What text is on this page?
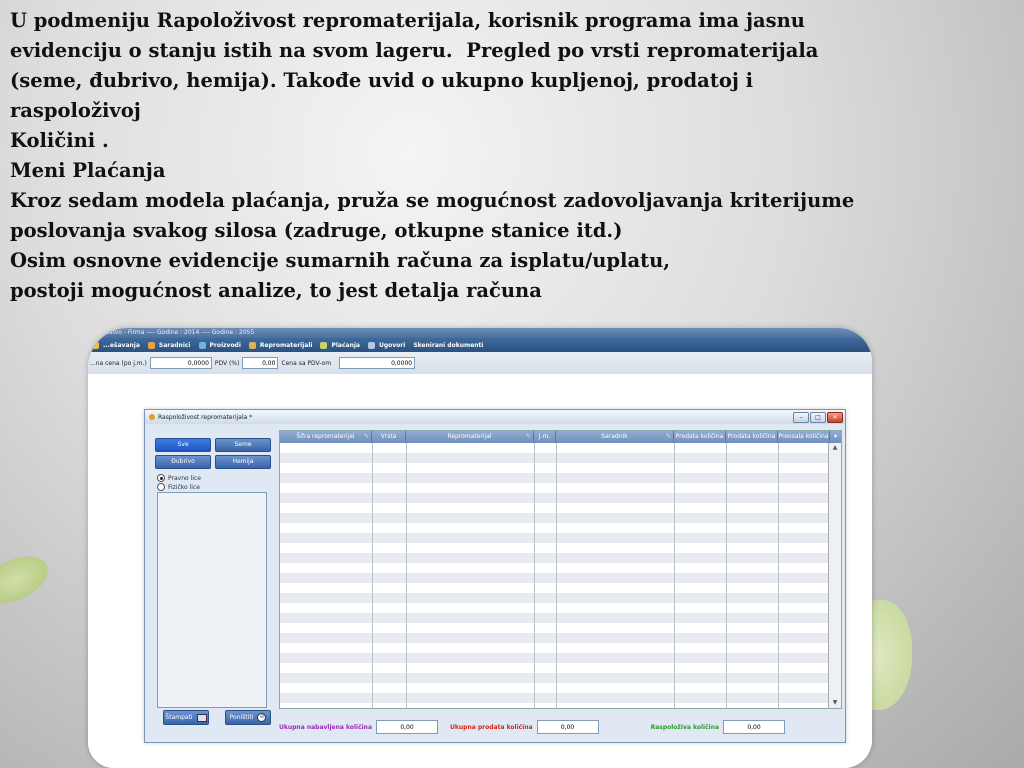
U podmeniju Rapoloživost repromaterijala, korisnik programa ima jasnu

evidenciju o stanju istih na svom lageru.  Pregled po vrsti repromaterijala

(seme, đubrivo, hemija). Takođe uvid o ukupno kupljenoj, prodatoj i

raspoloživoj

Količini .

Meni Plaćanja

Kroz sedam modela plaćanja, pruža se mogućnost zadovoljavanja kriterijume

poslovanja svakog silosa (zadruge, otkupne stanice itd.)

Osim osnovne evidencije sumarnih računa za isplatu/uplatu,

postoji mogućnost analize, to jest detalja računa

...ništvo - Firma ---- Godine : 2014 ---- Godine : 2055
...ešavanja	Saradnici	Proizvodi	Repromaterijali	Plaćanja	Ugovori Skenirani dokumenti
...na cena (po j.m.)
0,0000	PDV (%)
0,00	Cena sa PDV-om
0,0000
Raspoloživost repromaterijala *	–	□	✕
Sve	Seme
Đubrivo	Hemija
Pravno lice
Fizičko lice
Štampati	Poništiti	⊘
Šifra repromaterijal ✎	Vrsta	Repromaterijal	✎	J.m.	Saradnik	✎ Predata količina Prodata količina Preosala količina ▾
▲
▼
Ukupna nabavljena količina
0,00	Ukupna prodata količina
0,00	Raspoloživa količina
0,00
